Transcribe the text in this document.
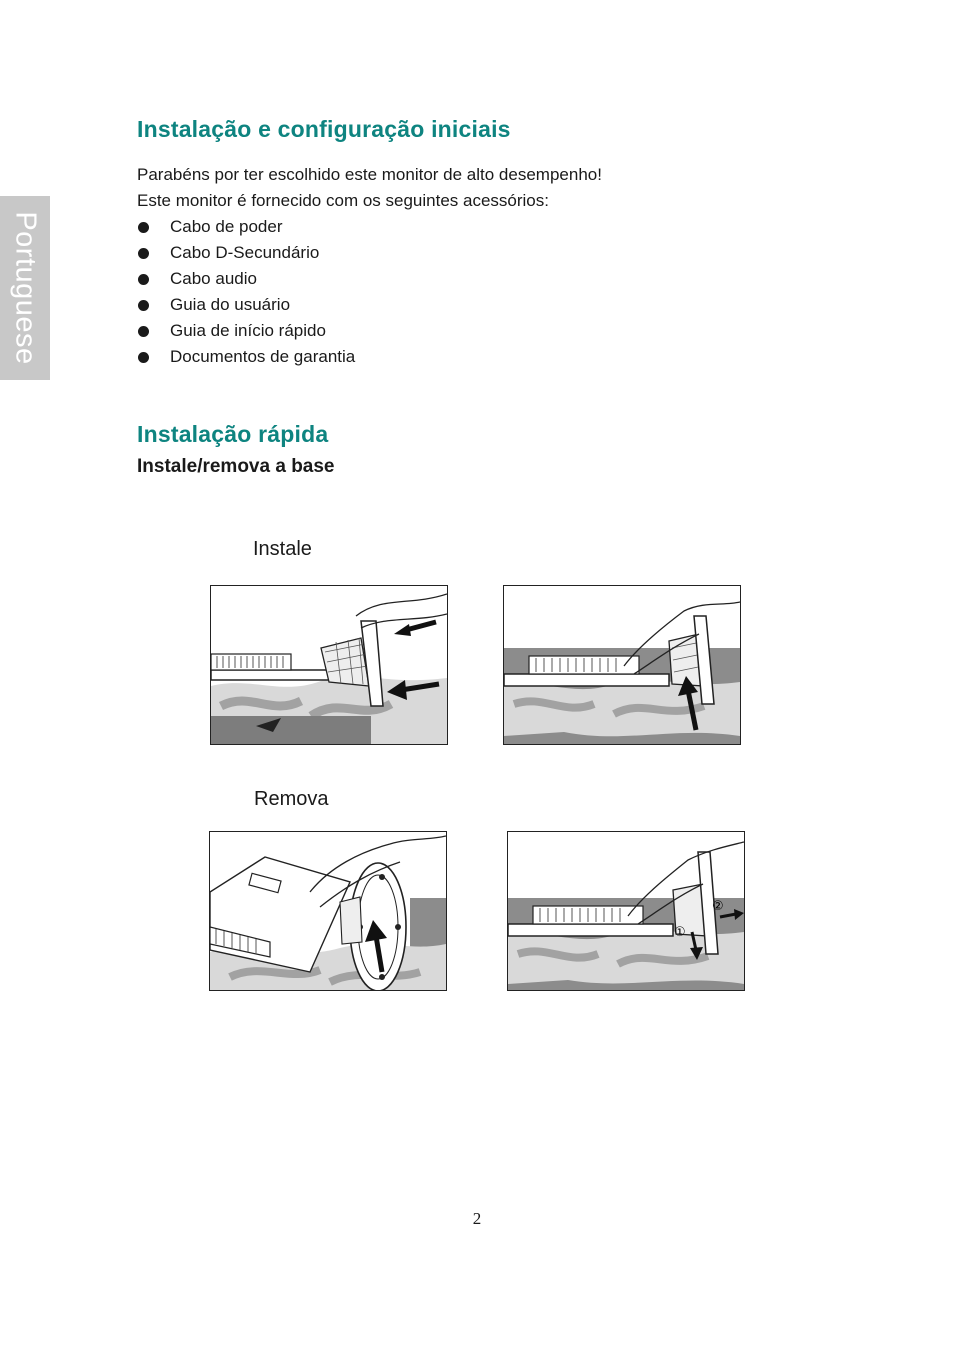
Portuguese
Instalação e configuração iniciais

Parabéns por ter escolhido este monitor de alto desempenho!

Este monitor é fornecido com os seguintes acessórios:

Cabo de poder
Cabo D-Secundário
Cabo audio
Guia do usuário
Guia de início rápido
Documentos de garantia
Instalação rápida
Instale/remova a base

Instale

Remova

①
②
2
